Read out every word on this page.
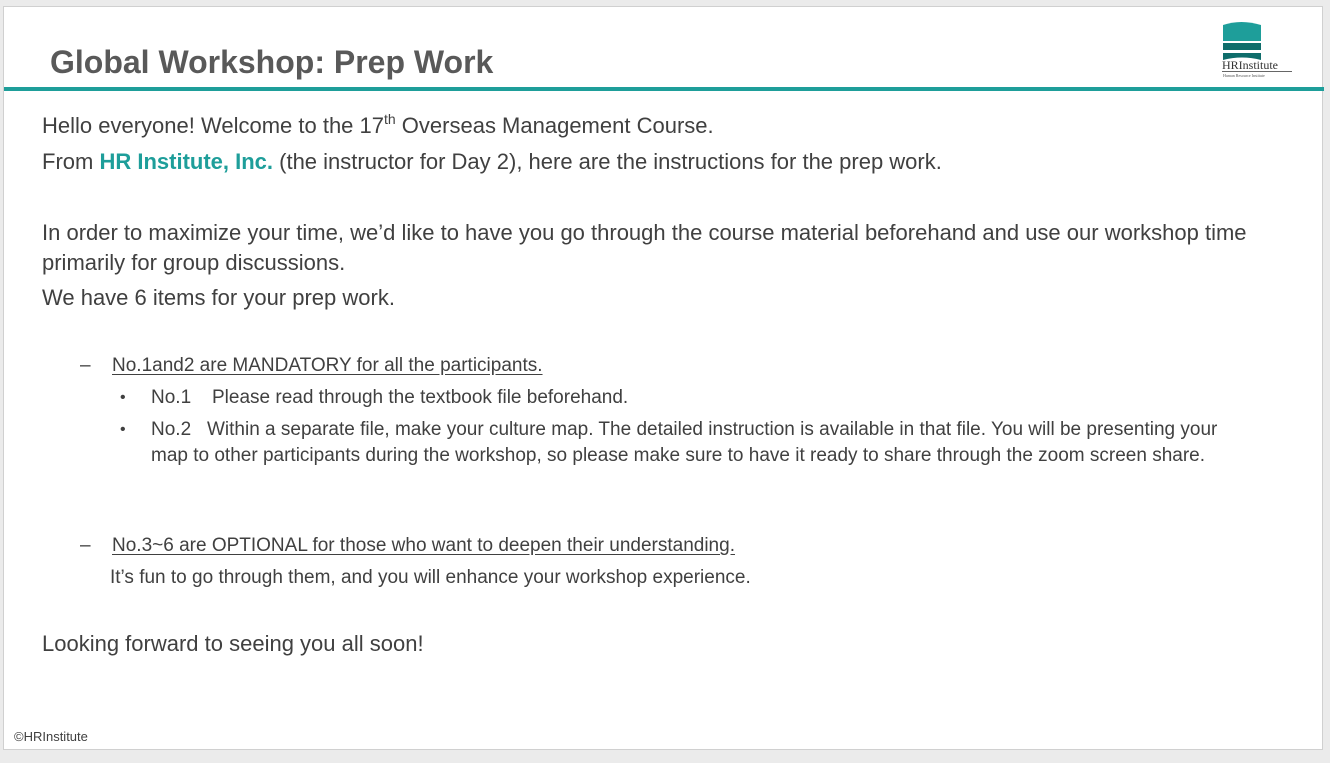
Global Workshop: Prep Work	HRInstitute
Human Resource Institute

Hello everyone! Welcome to the 17th Overseas Management Course.

From HR Institute, Inc. (the instructor for Day 2), here are the instructions for the prep work.

In order to maximize your time, we’d like to have you go through the course material beforehand and use our workshop time primarily for group discussions.

We have 6 items for your prep work.

– No.1and2 are MANDATORY for all the participants.
• No.1 Please read through the textbook file beforehand.
• No.2 Within a separate file, make your culture map. The detailed instruction is available in that file. You will be presenting your map to other participants during the workshop, so please make sure to have it ready to share through the zoom screen share.
– No.3~6 are OPTIONAL for those who want to deepen their understanding.
It’s fun to go through them, and you will enhance your workshop experience.

Looking forward to seeing you all soon!

©HRInstitute
